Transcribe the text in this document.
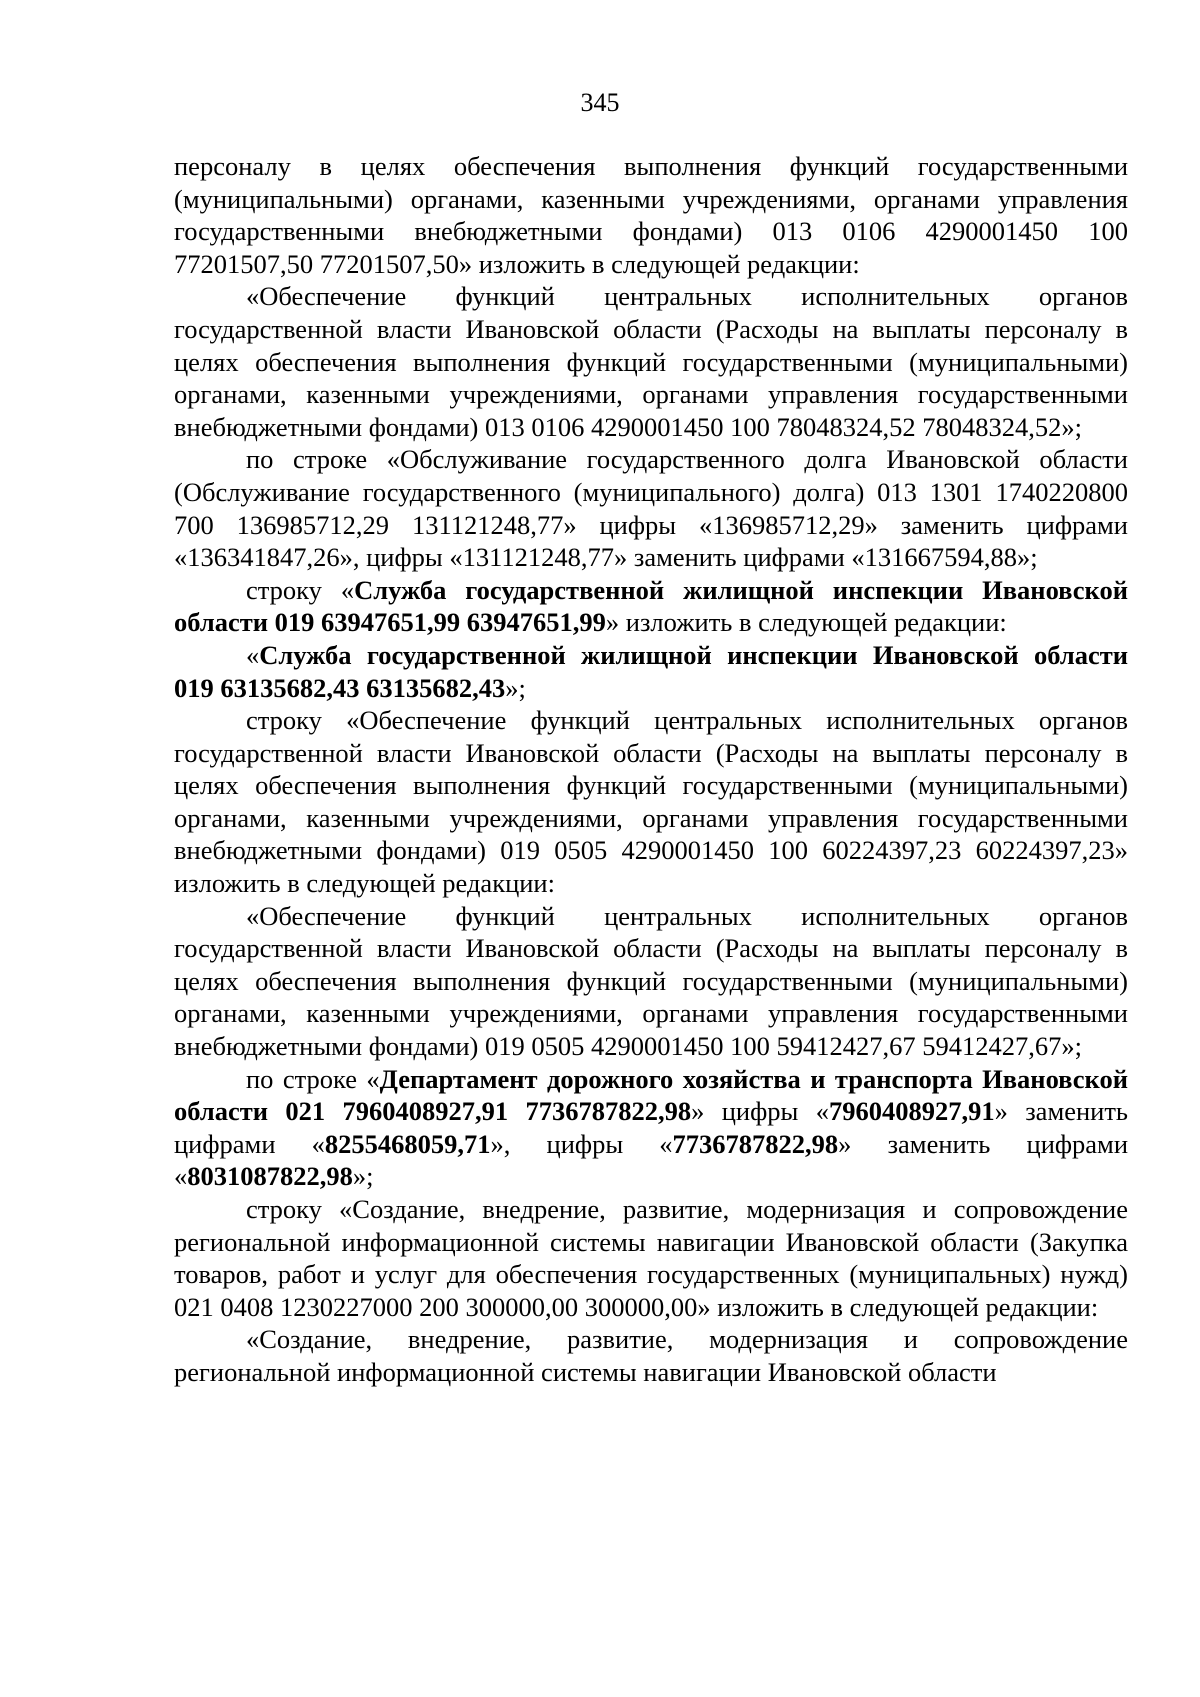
345

персоналу в целях обеспечения выполнения функций государственными (муниципальными) органами, казенными учреждениями, органами управления государственными внебюджетными фондами) 013 0106 4290001450 100 77201507,50 77201507,50» изложить в следующей редакции:

«Обеспечение функций центральных исполнительных органов государственной власти Ивановской области (Расходы на выплаты персоналу в целях обеспечения выполнения функций государственными (муниципальными) органами, казенными учреждениями, органами управления государственными внебюджетными фондами) 013 0106 4290001450 100 78048324,52 78048324,52»;

по строке «Обслуживание государственного долга Ивановской области (Обслуживание государственного (муниципального) долга) 013 1301 1740220800 700 136985712,29 131121248,77» цифры «136985712,29» заменить цифрами «136341847,26», цифры «131121248,77» заменить цифрами «131667594,88»;

строку «Служба государственной жилищной инспекции Ивановской области 019 63947651,99 63947651,99» изложить в следующей редакции:

«Служба государственной жилищной инспекции Ивановской области 019 63135682,43 63135682,43»;

строку «Обеспечение функций центральных исполнительных органов государственной власти Ивановской области (Расходы на выплаты персоналу в целях обеспечения выполнения функций государственными (муниципальными) органами, казенными учреждениями, органами управления государственными внебюджетными фондами) 019 0505 4290001450 100 60224397,23 60224397,23» изложить в следующей редакции:

«Обеспечение функций центральных исполнительных органов государственной власти Ивановской области (Расходы на выплаты персоналу в целях обеспечения выполнения функций государственными (муниципальными) органами, казенными учреждениями, органами управления государственными внебюджетными фондами) 019 0505 4290001450 100 59412427,67 59412427,67»;

по строке «Департамент дорожного хозяйства и транспорта Ивановской области 021 7960408927,91 7736787822,98» цифры «7960408927,91» заменить цифрами «8255468059,71», цифры «7736787822,98» заменить цифрами «8031087822,98»;

строку «Создание, внедрение, развитие, модернизация и сопровождение региональной информационной системы навигации Ивановской области (Закупка товаров, работ и услуг для обеспечения государственных (муниципальных) нужд) 021 0408 1230227000 200 300000,00 300000,00» изложить в следующей редакции:

«Создание, внедрение, развитие, модернизация и сопровождение региональной информационной системы навигации Ивановской области
